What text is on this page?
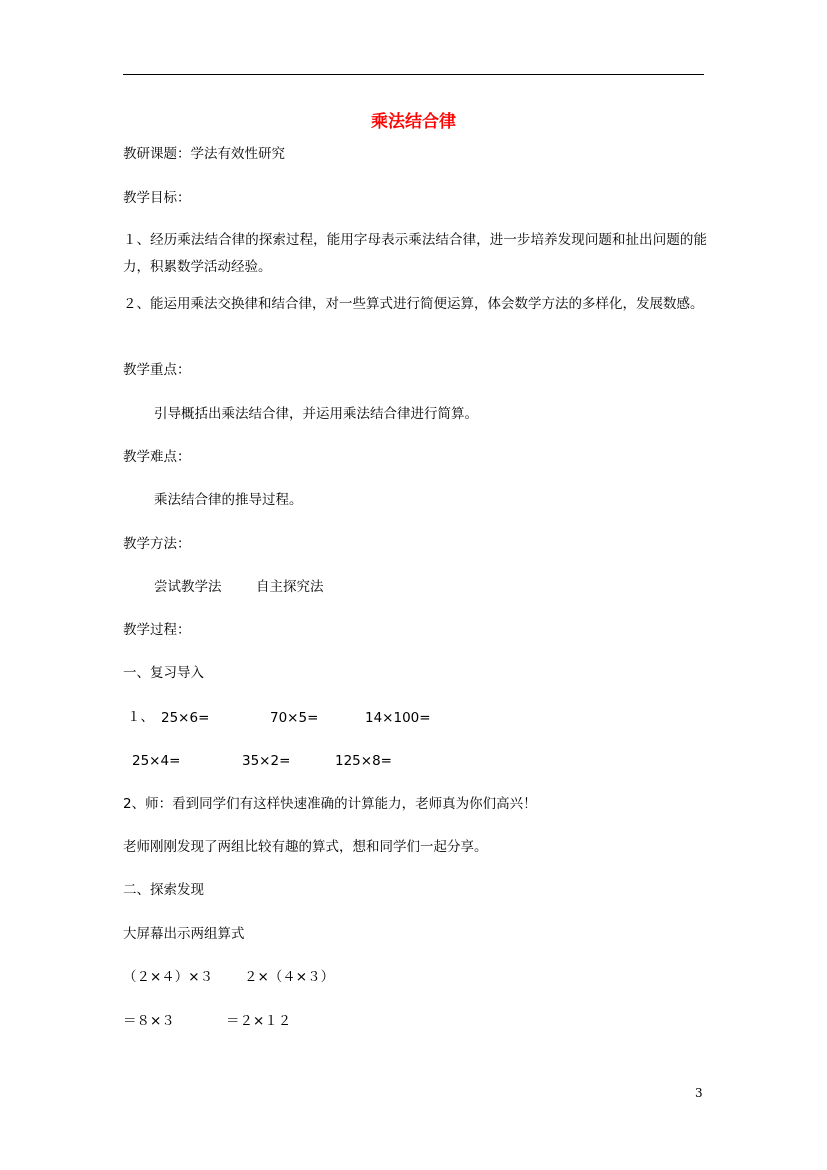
乘法结合律
教研课题：学法有效性研究
教学目标：
１、经历乘法结合律的探索过程，能用字母表示乘法结合律，进一步培养发现问题和扯出问题的能力，积累数学活动经验。
２、能运用乘法交换律和结合律，对一些算式进行简便运算，体会数学方法的多样化，发展数感。
教学重点：
引导概括出乘法结合律，并运用乘法结合律进行简算。
教学难点：
乘法结合律的推导过程。
教学方法：
尝试教学法	自主探究法
教学过程：
一、复习导入
１、 25×6=	70×5=	14×100=
25×4=	35×2=	125×8=
2、师：看到同学们有这样快速准确的计算能力，老师真为你们高兴！
老师刚刚发现了两组比较有趣的算式，想和同学们一起分享。
二、探索发现
大屏幕出示两组算式
（２×４）×３ ２×（４×３）
＝８×３	＝２×１２
3
